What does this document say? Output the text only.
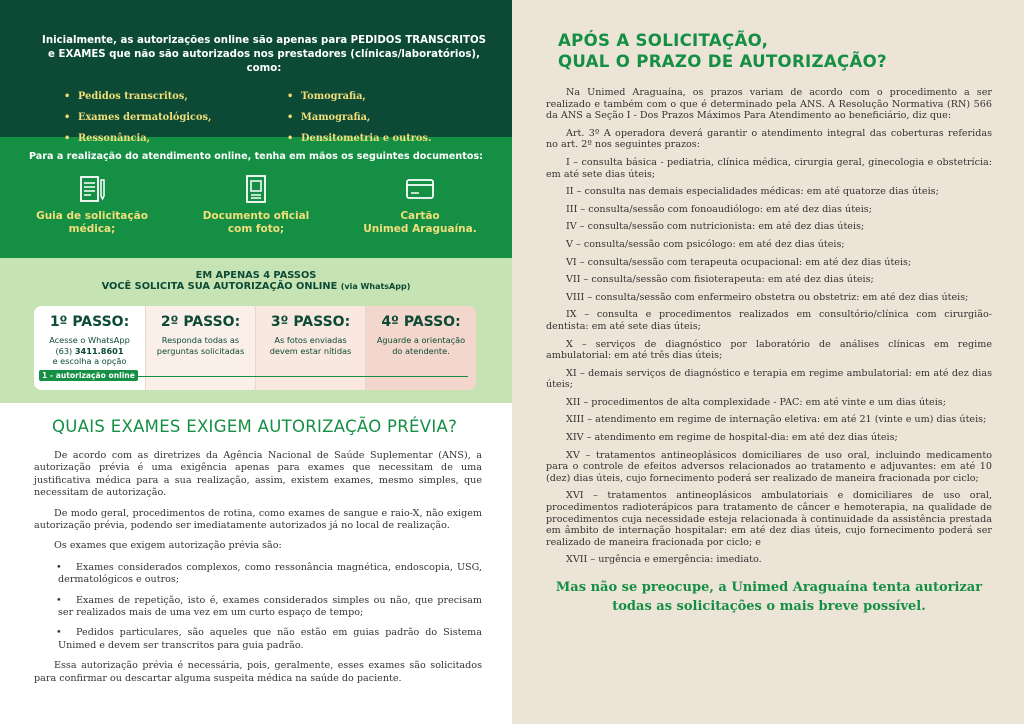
Inicialmente, as autorizações online são apenas para PEDIDOS TRANSCRITOS e EXAMES que não são autorizados nos prestadores (clínicas/laboratórios), como:

• Pedidos transcritos,
• Exames dermatológicos,
• Ressonância,
• Tomografia,
• Mamografia,
• Densitometria e outros.

Para a realização do atendimento online, tenha em mãos os seguintes documentos:

Guia de solicitação
médica;
Documento oficial
com foto;
Cartão
Unimed Araguaína.

EM APENAS 4 PASSOS

VOCÊ SOLICITA SUA AUTORIZAÇÃO ONLINE (via WhatsApp)

1º PASSO:
Acesse o WhatsApp
(63) 3411.8601
e escolha a opção
2º PASSO:
Responda todas as
perguntas solicitadas
3º PASSO:
As fotos enviadas
devem estar nítidas
4º PASSO:
Aguarde a orientação
do atendente.
1 - autorização online
QUAIS EXAMES EXIGEM AUTORIZAÇÃO PRÉVIA?

De acordo com as diretrizes da Agência Nacional de Saúde Suplementar (ANS), a autorização prévia é uma exigência apenas para exames que necessitam de uma justificativa médica para a sua realização, assim, existem exames, mesmo simples, que necessitam de autorização.

De modo geral, procedimentos de rotina, como exames de sangue e raio-X, não exigem autorização prévia, podendo ser imediatamente autorizados já no local de realização.

Os exames que exigem autorização prévia são:

• Exames considerados complexos, como ressonância magnética, endoscopia, USG, dermatológicos e outros;

• Exames de repetição, isto é, exames considerados simples ou não, que precisam ser realizados mais de uma vez em um curto espaço de tempo;

• Pedidos particulares, são aqueles que não estão em guias padrão do Sistema Unimed e devem ser transcritos para guia padrão.

Essa autorização prévia é necessária, pois, geralmente, esses exames são solicitados para confirmar ou descartar alguma suspeita médica na saúde do paciente.

APÓS A SOLICITAÇÃO,
QUAL O PRAZO DE AUTORIZAÇÃO?

Na Unimed Araguaína, os prazos variam de acordo com o procedimento a ser realizado e também com o que é determinado pela ANS. A Resolução Normativa (RN) 566 da ANS a Seção I - Dos Prazos Máximos Para Atendimento ao beneficiário, diz que:

Art. 3º A operadora deverá garantir o atendimento integral das coberturas referidas no art. 2º nos seguintes prazos:

I – consulta básica - pediatria, clínica médica, cirurgia geral, ginecologia e obstetrícia: em até sete dias úteis;

II – consulta nas demais especialidades médicas: em até quatorze dias úteis;

III – consulta/sessão com fonoaudiólogo: em até dez dias úteis;

IV – consulta/sessão com nutricionista: em até dez dias úteis;

V – consulta/sessão com psicólogo: em até dez dias úteis;

VI – consulta/sessão com terapeuta ocupacional: em até dez dias úteis;

VII – consulta/sessão com fisioterapeuta: em até dez dias úteis;

VIII – consulta/sessão com enfermeiro obstetra ou obstetriz: em até dez dias úteis;

IX – consulta e procedimentos realizados em consultório/clínica com cirurgião-dentista: em até sete dias úteis;

X – serviços de diagnóstico por laboratório de análises clínicas em regime ambulatorial: em até três dias úteis;

XI – demais serviços de diagnóstico e terapia em regime ambulatorial: em até dez dias úteis;

XII – procedimentos de alta complexidade - PAC: em até vinte e um dias úteis;

XIII – atendimento em regime de internação eletiva: em até 21 (vinte e um) dias úteis;

XIV – atendimento em regime de hospital-dia: em até dez dias úteis;

XV – tratamentos antineoplásicos domiciliares de uso oral, incluindo medicamento para o controle de efeitos adversos relacionados ao tratamento e adjuvantes: em até 10 (dez) dias úteis, cujo fornecimento poderá ser realizado de maneira fracionada por ciclo;

XVI – tratamentos antineoplásicos ambulatoriais e domiciliares de uso oral, procedimentos radioterápicos para tratamento de câncer e hemoterapia, na qualidade de procedimentos cuja necessidade esteja relacionada à continuidade da assistência prestada em âmbito de internação hospitalar: em até dez dias úteis, cujo fornecimento poderá ser realizado de maneira fracionada por ciclo; e

XVII – urgência e emergência: imediato.

Mas não se preocupe, a Unimed Araguaína tenta autorizar
todas as solicitações o mais breve possível.
